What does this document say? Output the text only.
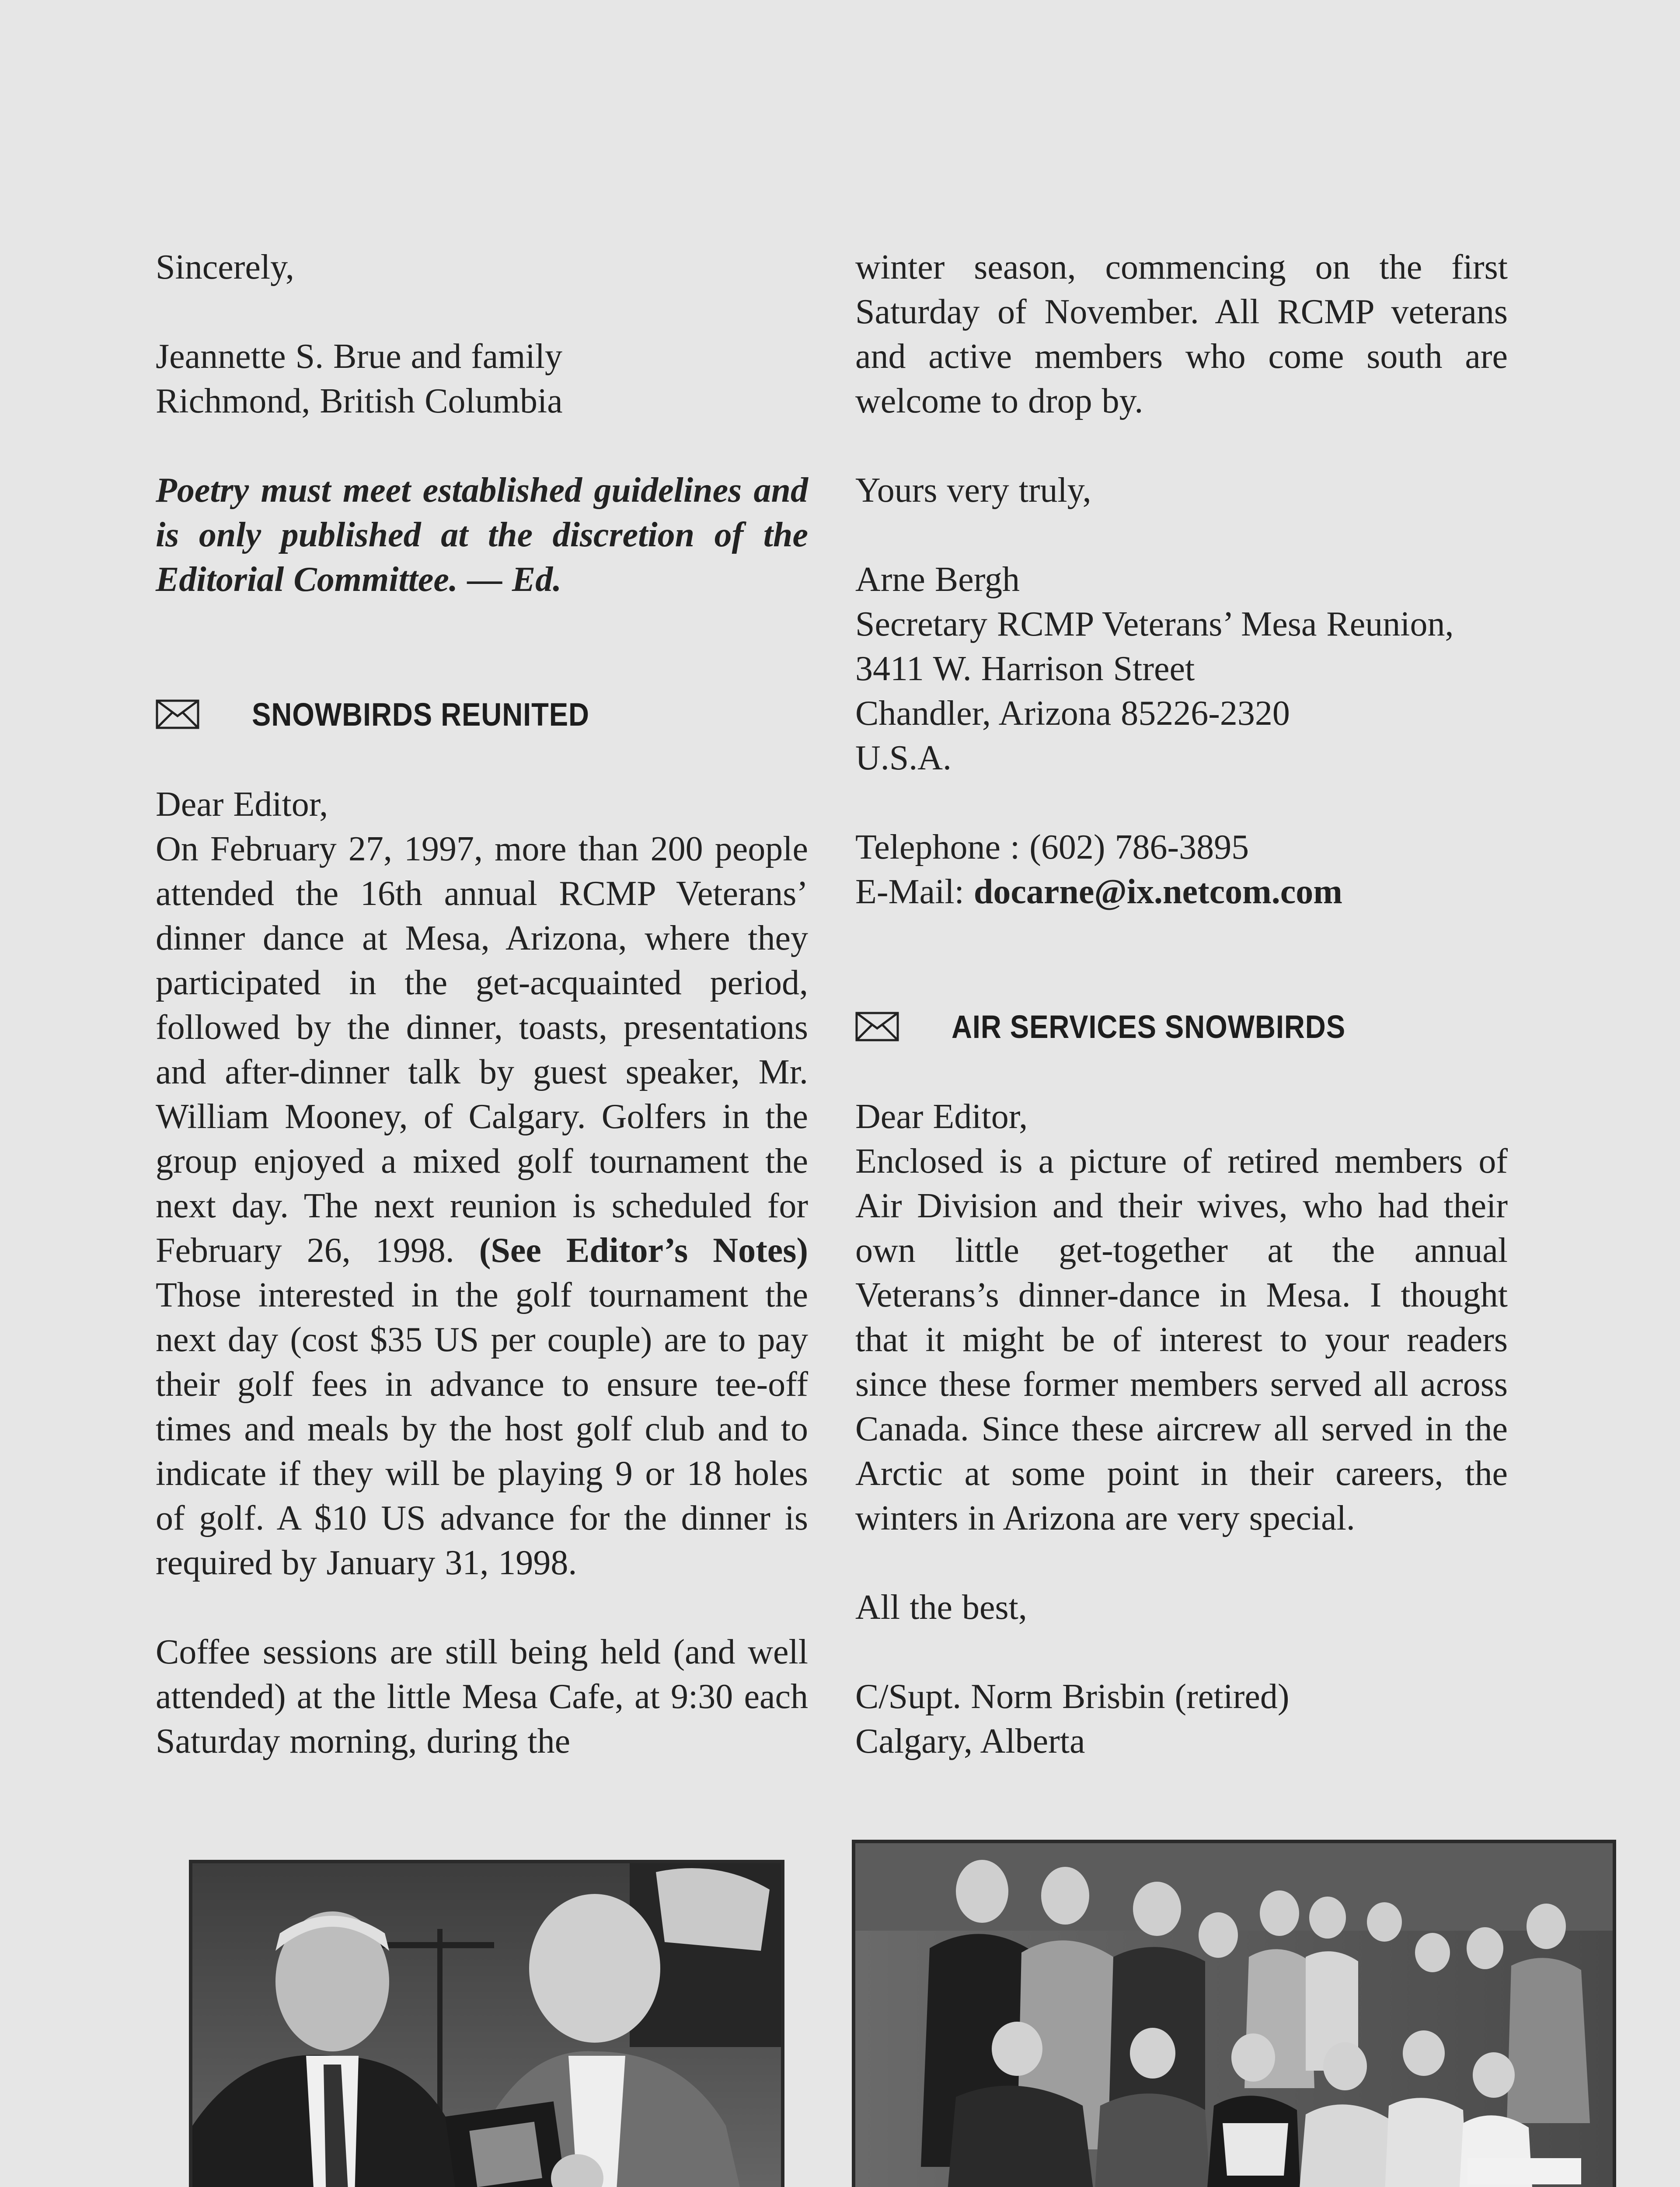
Sincerely,

Jeannette S. Brue and family
Richmond, British Columbia

Poetry must meet established guidelines and is only published at the discretion of the Editorial Committee. — Ed.

SNOWBIRDS REUNITED

Dear Editor,

On February 27, 1997, more than 200 people attended the 16th annual RCMP Veterans’ dinner dance at Mesa, Arizona, where they participated in the get-acquainted period, followed by the dinner, toasts, presentations and after-dinner talk by guest speaker, Mr. William Mooney, of Calgary. Golfers in the group enjoyed a mixed golf tournament the next day. The next reunion is scheduled for February 26, 1998. (See Editor’s Notes) Those interested in the golf tournament the next day (cost $35 US per couple) are to pay their golf fees in advance to ensure tee-off times and meals by the host golf club and to indicate if they will be playing 9 or 18 holes of golf. A $10 US advance for the dinner is required by January 31, 1998.

Coffee sessions are still being held (and well attended) at the little Mesa Cafe, at 9:30 each Saturday morning, during the

winter season, commencing on the first Saturday of November. All RCMP veterans and active members who come south are welcome to drop by.

Yours very truly,

Arne Bergh
Secretary RCMP Veterans’ Mesa Reunion,
3411 W. Harrison Street
Chandler, Arizona 85226-2320
U.S.A.

Telephone : (602) 786-3895
E-Mail: docarne@ix.netcom.com

AIR SERVICES SNOWBIRDS

Dear Editor,

Enclosed is a picture of retired members of Air Division and their wives, who had their own little get-together at the annual Veterans’s dinner-dance in Mesa. I thought that it might be of interest to your readers since these former members served all across Canada. Since these aircrew all served in the Arctic at some point in their careers, the winters in Arizona are very special.

All the best,

C/Supt. Norm Brisbin (retired)
Calgary, Alberta
